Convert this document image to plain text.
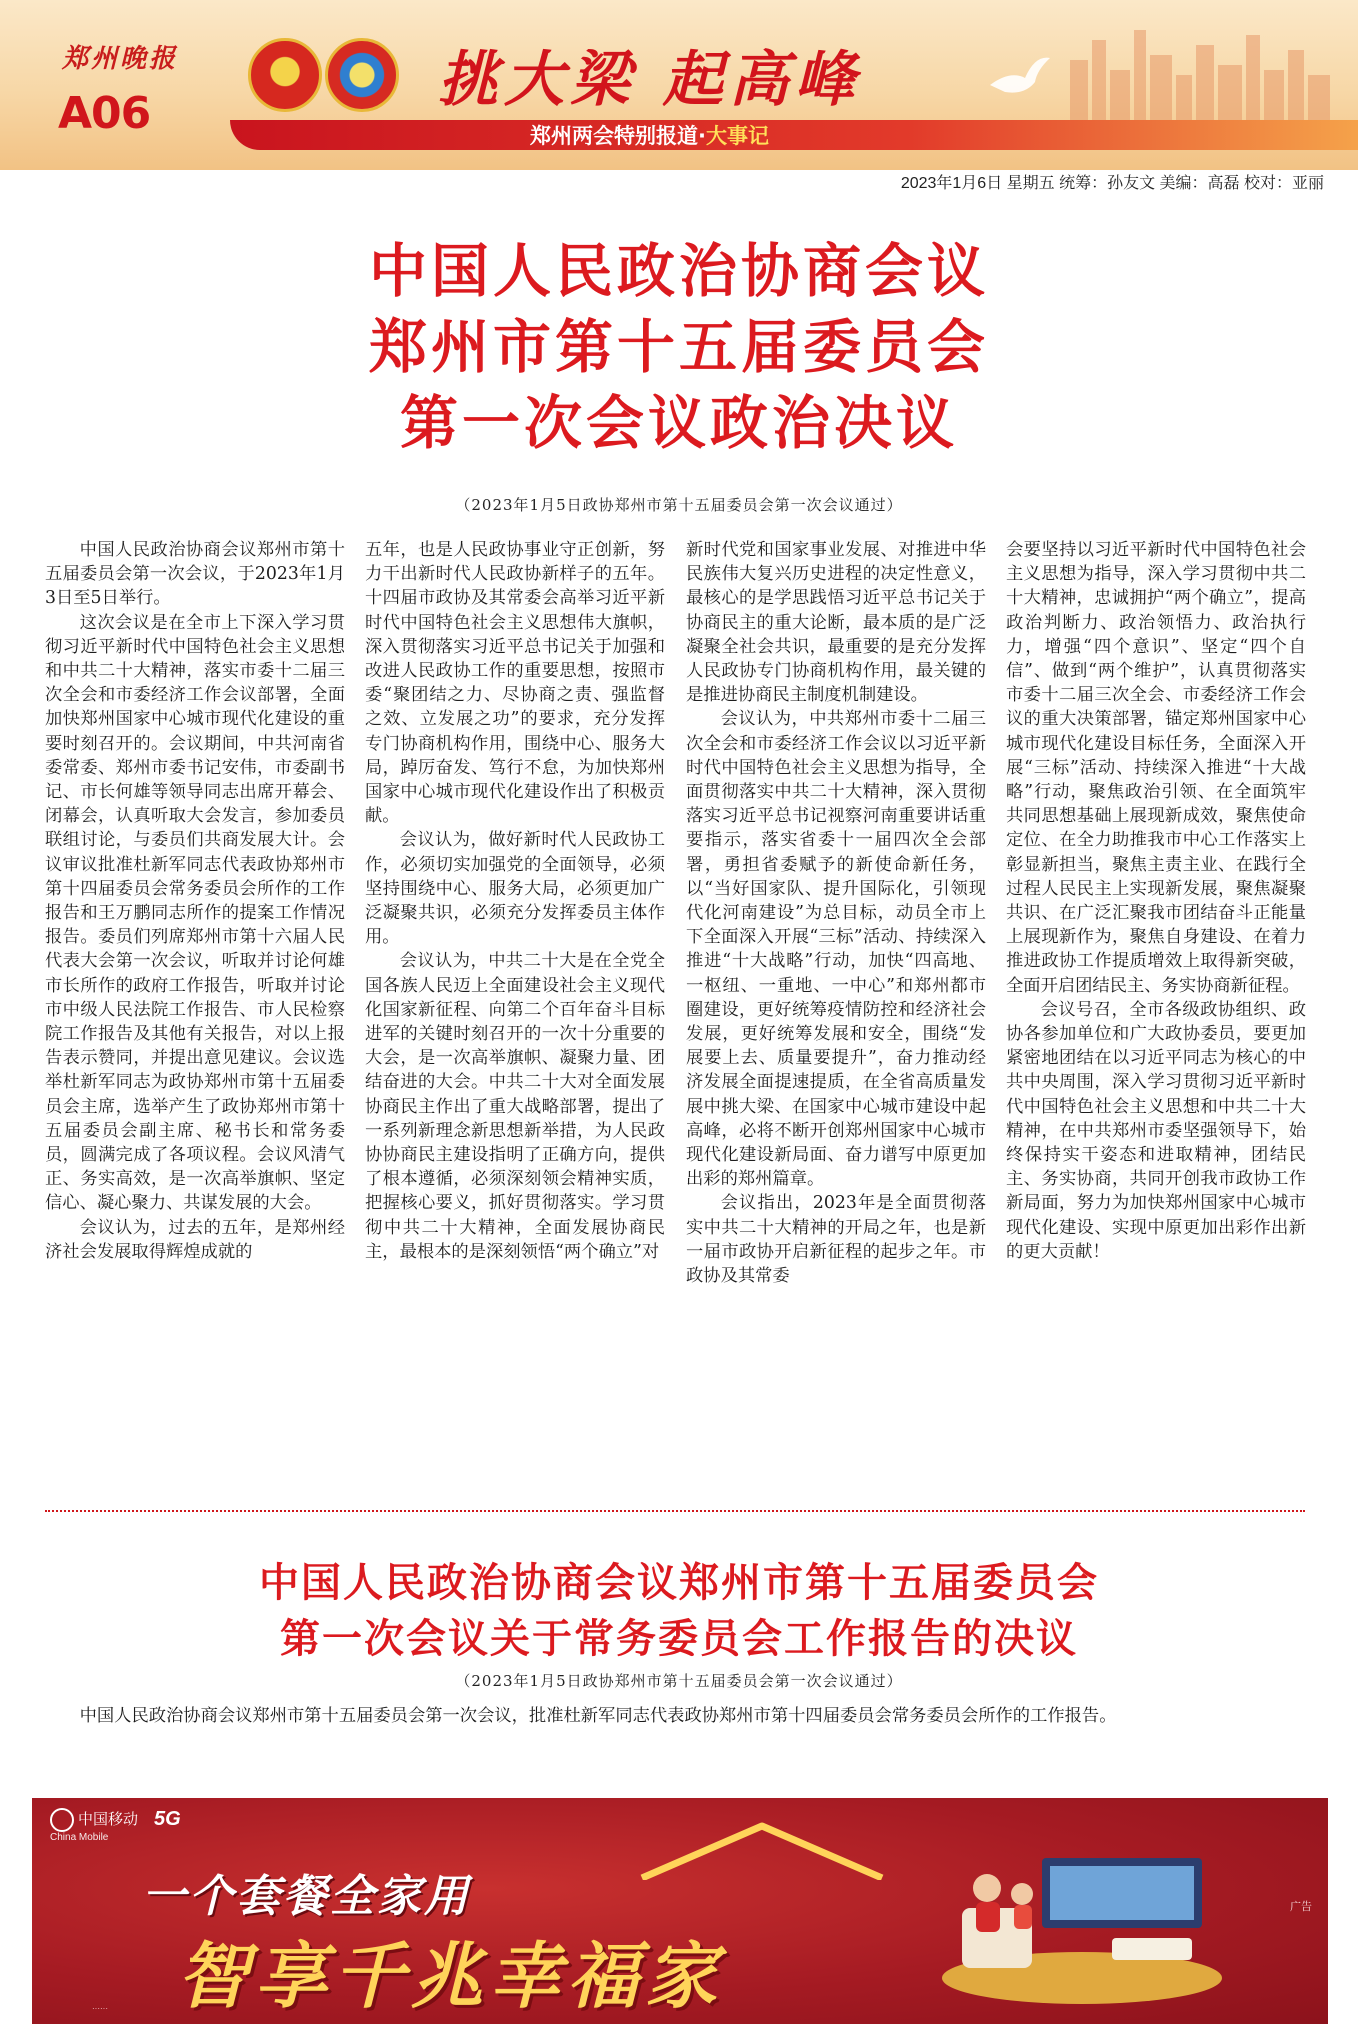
郑州晚报
A06	挑大梁 起高峰
郑州两会特别报道·大事记
2023年1月6日 星期五 统筹：孙友文 美编：高磊 校对：亚丽
中国人民政治协商会议
郑州市第十五届委员会
第一次会议政治决议
（2023年1月5日政协郑州市第十五届委员会第一次会议通过）

中国人民政治协商会议郑州市第十五届委员会第一次会议，于2023年1月3日至5日举行。

这次会议是在全市上下深入学习贯彻习近平新时代中国特色社会主义思想和中共二十大精神，落实市委十二届三次全会和市委经济工作会议部署，全面加快郑州国家中心城市现代化建设的重要时刻召开的。会议期间，中共河南省委常委、郑州市委书记安伟，市委副书记、市长何雄等领导同志出席开幕会、闭幕会，认真听取大会发言，参加委员联组讨论，与委员们共商发展大计。会议审议批准杜新军同志代表政协郑州市第十四届委员会常务委员会所作的工作报告和王万鹏同志所作的提案工作情况报告。委员们列席郑州市第十六届人民代表大会第一次会议，听取并讨论何雄市长所作的政府工作报告，听取并讨论市中级人民法院工作报告、市人民检察院工作报告及其他有关报告，对以上报告表示赞同，并提出意见建议。会议选举杜新军同志为政协郑州市第十五届委员会主席，选举产生了政协郑州市第十五届委员会副主席、秘书长和常务委员，圆满完成了各项议程。会议风清气正、务实高效，是一次高举旗帜、坚定信心、凝心聚力、共谋发展的大会。

会议认为，过去的五年，是郑州经济社会发展取得辉煌成就的

五年，也是人民政协事业守正创新，努力干出新时代人民政协新样子的五年。十四届市政协及其常委会高举习近平新时代中国特色社会主义思想伟大旗帜，深入贯彻落实习近平总书记关于加强和改进人民政协工作的重要思想，按照市委“聚团结之力、尽协商之责、强监督之效、立发展之功”的要求，充分发挥专门协商机构作用，围绕中心、服务大局，踔厉奋发、笃行不怠，为加快郑州国家中心城市现代化建设作出了积极贡献。

会议认为，做好新时代人民政协工作，必须切实加强党的全面领导，必须坚持围绕中心、服务大局，必须更加广泛凝聚共识，必须充分发挥委员主体作用。

会议认为，中共二十大是在全党全国各族人民迈上全面建设社会主义现代化国家新征程、向第二个百年奋斗目标进军的关键时刻召开的一次十分重要的大会，是一次高举旗帜、凝聚力量、团结奋进的大会。中共二十大对全面发展协商民主作出了重大战略部署，提出了一系列新理念新思想新举措，为人民政协协商民主建设指明了正确方向，提供了根本遵循，必须深刻领会精神实质，把握核心要义，抓好贯彻落实。学习贯彻中共二十大精神，全面发展协商民主，最根本的是深刻领悟“两个确立”对

新时代党和国家事业发展、对推进中华民族伟大复兴历史进程的决定性意义，最核心的是学思践悟习近平总书记关于协商民主的重大论断，最本质的是广泛凝聚全社会共识，最重要的是充分发挥人民政协专门协商机构作用，最关键的是推进协商民主制度机制建设。

会议认为，中共郑州市委十二届三次全会和市委经济工作会议以习近平新时代中国特色社会主义思想为指导，全面贯彻落实中共二十大精神，深入贯彻落实习近平总书记视察河南重要讲话重要指示，落实省委十一届四次全会部署，勇担省委赋予的新使命新任务，以“当好国家队、提升国际化，引领现代化河南建设”为总目标，动员全市上下全面深入开展“三标”活动、持续深入推进“十大战略”行动，加快“四高地、一枢纽、一重地、一中心”和郑州都市圈建设，更好统筹疫情防控和经济社会发展，更好统筹发展和安全，围绕“发展要上去、质量要提升”，奋力推动经济发展全面提速提质，在全省高质量发展中挑大梁、在国家中心城市建设中起高峰，必将不断开创郑州国家中心城市现代化建设新局面、奋力谱写中原更加出彩的郑州篇章。

会议指出，2023年是全面贯彻落实中共二十大精神的开局之年，也是新一届市政协开启新征程的起步之年。市政协及其常委

会要坚持以习近平新时代中国特色社会主义思想为指导，深入学习贯彻中共二十大精神，忠诚拥护“两个确立”，提高政治判断力、政治领悟力、政治执行力，增强“四个意识”、坚定“四个自信”、做到“两个维护”，认真贯彻落实市委十二届三次全会、市委经济工作会议的重大决策部署，锚定郑州国家中心城市现代化建设目标任务，全面深入开展“三标”活动、持续深入推进“十大战略”行动，聚焦政治引领、在全面筑牢共同思想基础上展现新成效，聚焦使命定位、在全力助推我市中心工作落实上彰显新担当，聚焦主责主业、在践行全过程人民民主上实现新发展，聚焦凝聚共识、在广泛汇聚我市团结奋斗正能量上展现新作为，聚焦自身建设、在着力推进政协工作提质增效上取得新突破，全面开启团结民主、务实协商新征程。

会议号召，全市各级政协组织、政协各参加单位和广大政协委员，要更加紧密地团结在以习近平同志为核心的中共中央周围，深入学习贯彻习近平新时代中国特色社会主义思想和中共二十大精神，在中共郑州市委坚强领导下，始终保持实干姿态和进取精神，团结民主、务实协商，共同开创我市政协工作新局面，努力为加快郑州国家中心城市现代化建设、实现中原更加出彩作出新的更大贡献！

中国人民政治协商会议郑州市第十五届委员会
第一次会议关于常务委员会工作报告的决议
（2023年1月5日政协郑州市第十五届委员会第一次会议通过）

中国人民政治协商会议郑州市第十五届委员会第一次会议，批准杜新军同志代表政协郑州市第十四届委员会常务委员会所作的工作报告。

中国移动
China Mobile
5G
一个套餐全家用
智享千兆幸福家
······
广告
